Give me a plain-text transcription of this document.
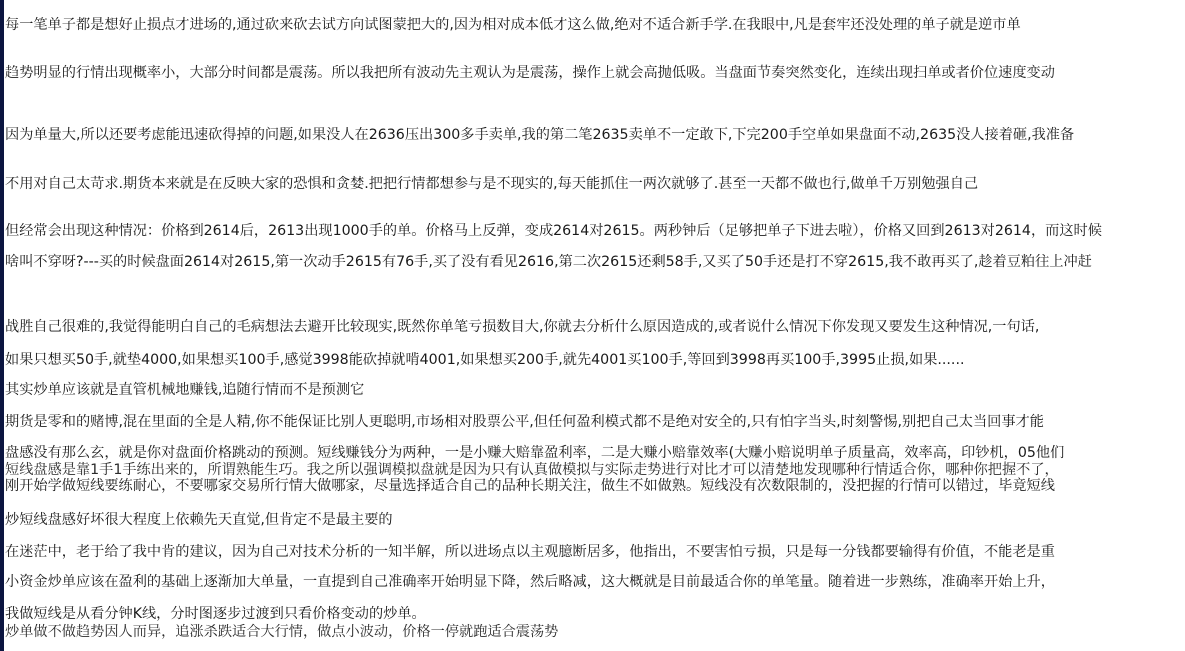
每一笔单子都是想好止损点才进场的,通过砍来砍去试方向试图蒙把大的,因为相对成本低才这么做,绝对不适合新手学.在我眼中,凡是套牢还没处理的单子就是逆市单
趋势明显的行情出现概率小，大部分时间都是震荡。所以我把所有波动先主观认为是震荡，操作上就会高抛低吸。当盘面节奏突然变化，连续出现扫单或者价位速度变动
因为单量大,所以还要考虑能迅速砍得掉的问题,如果没人在2636压出300多手卖单,我的第二笔2635卖单不一定敢下,下完200手空单如果盘面不动,2635没人接着砸,我准备
不用对自己太苛求.期货本来就是在反映大家的恐惧和贪婪.把把行情都想参与是不现实的,每天能抓住一两次就够了.甚至一天都不做也行,做单千万别勉强自己
但经常会出现这种情况：价格到2614后，2613出现1000手的单。价格马上反弹，变成2614对2615。两秒钟后（足够把单子下进去啦），价格又回到2613对2614，而这时候
啥叫不穿呀?---买的时候盘面2614对2615,第一次动手2615有76手,买了没有看见2616,第二次2615还剩58手,又买了50手还是打不穿2615,我不敢再买了,趁着豆粕往上冲赶
战胜自己很难的,我觉得能明白自己的毛病想法去避开比较现实,既然你单笔亏损数目大,你就去分析什么原因造成的,或者说什么情况下你发现又要发生这种情况,一句话,
如果只想买50手,就垫4000,如果想买100手,感觉3998能砍掉就啃4001,如果想买200手,就先4001买100手,等回到3998再买100手,3995止损,如果......
其实炒单应该就是直管机械地赚钱,追随行情而不是预测它
期货是零和的赌博,混在里面的全是人精,你不能保证比别人更聪明,市场相对股票公平,但任何盈利模式都不是绝对安全的,只有怕字当头,时刻警惕,别把自己太当回事才能
盘感没有那么玄，就是你对盘面价格跳动的预测。短线赚钱分为两种，一是小赚大赔靠盈利率，二是大赚小赔靠效率(大赚小赔说明单子质量高，效率高，印钞机，05他们
短线盘感是靠1手1手练出来的，所谓熟能生巧。我之所以强调模拟盘就是因为只有认真做模拟与实际走势进行对比才可以清楚地发现哪种行情适合你，哪种你把握不了，
刚开始学做短线要练耐心，不要哪家交易所行情大做哪家，尽量选择适合自己的品种长期关注，做生不如做熟。短线没有次数限制的，没把握的行情可以错过，毕竟短线
炒短线盘感好坏很大程度上依赖先天直觉,但肯定不是最主要的
在迷茫中，老于给了我中肯的建议，因为自己对技术分析的一知半解，所以进场点以主观臆断居多，他指出，不要害怕亏损，只是每一分钱都要输得有价值，不能老是重
小资金炒单应该在盈利的基础上逐渐加大单量，一直提到自己准确率开始明显下降，然后略减，这大概就是目前最适合你的单笔量。随着进一步熟练，准确率开始上升，
我做短线是从看分钟K线，分时图逐步过渡到只看价格变动的炒单。
炒单做不做趋势因人而异，追涨杀跌适合大行情，做点小波动，价格一停就跑适合震荡势
